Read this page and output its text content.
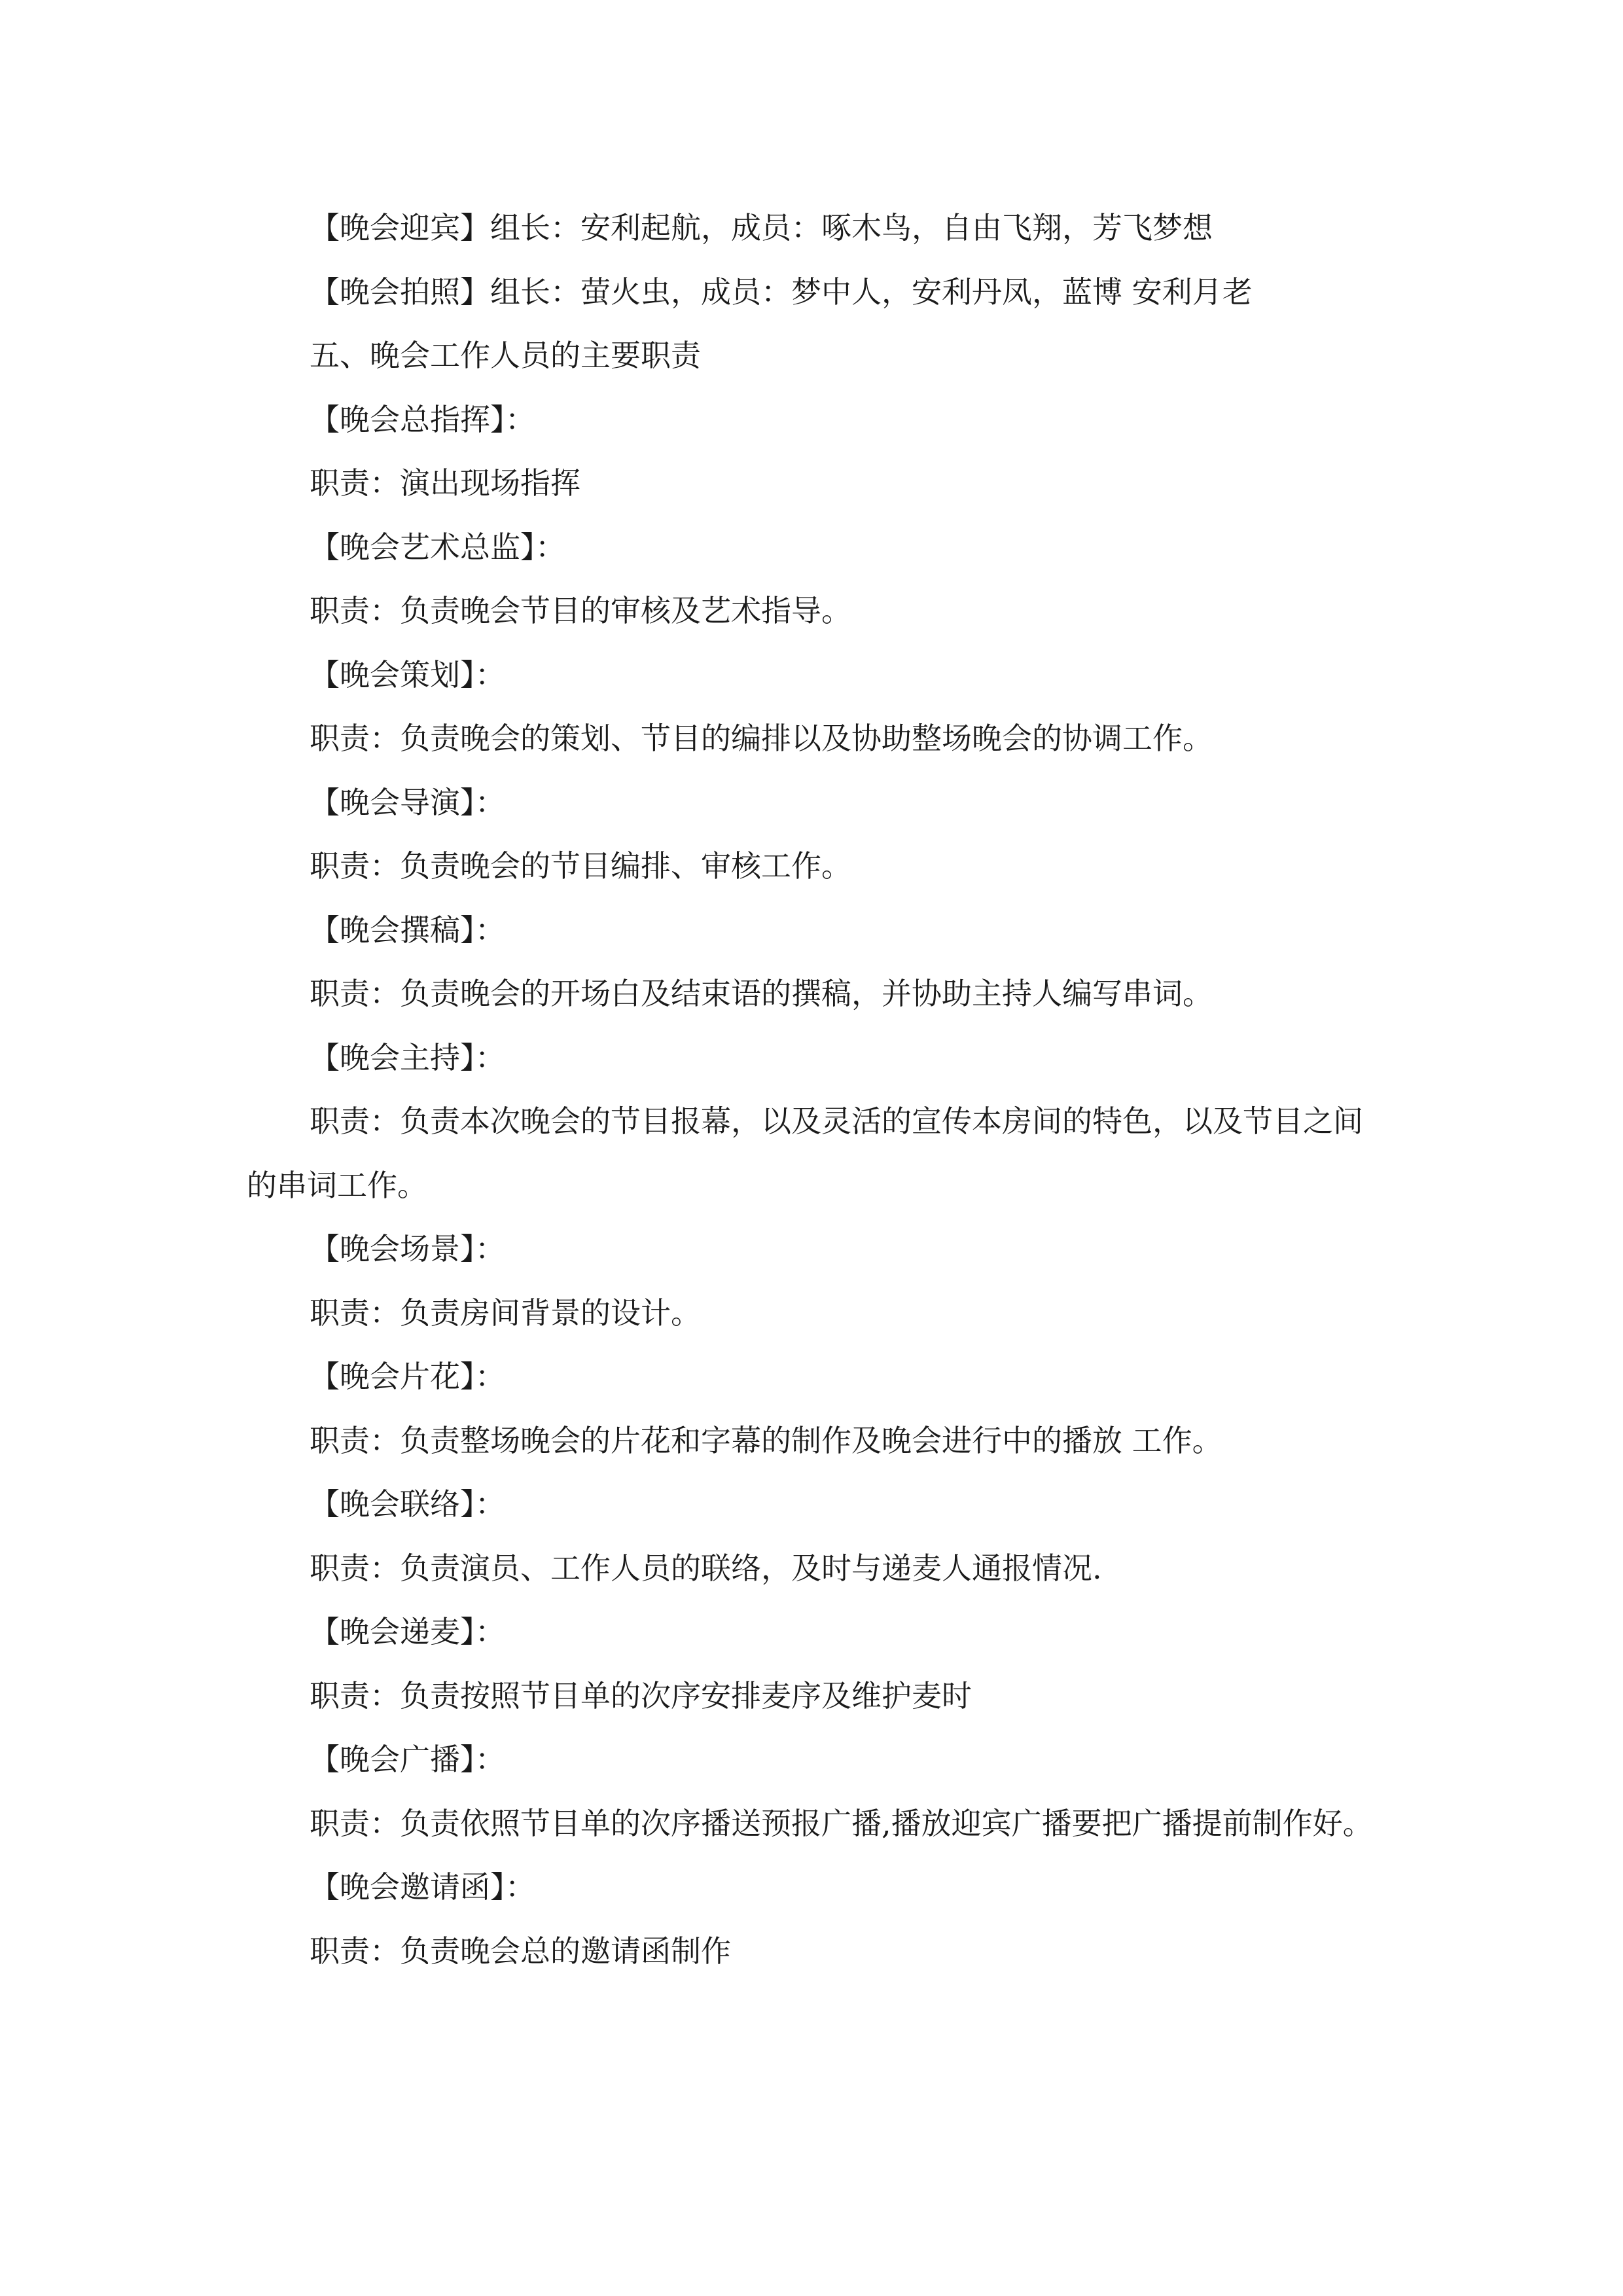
【晚会迎宾】组长：安利起航，成员：啄木鸟，自由飞翔，芳飞梦想

【晚会拍照】组长：萤火虫，成员：梦中人，安利丹凤，蓝博 安利月老

五、晚会工作人员的主要职责

【晚会总指挥】：

职责：演出现场指挥

【晚会艺术总监】：

职责：负责晚会节目的审核及艺术指导。

【晚会策划】：

职责：负责晚会的策划、节目的编排以及协助整场晚会的协调工作。

【晚会导演】：

职责：负责晚会的节目编排、审核工作。

【晚会撰稿】：

职责：负责晚会的开场白及结束语的撰稿，并协助主持人编写串词。

【晚会主持】：

职责：负责本次晚会的节目报幕，以及灵活的宣传本房间的特色，以及节目之间的串词工作。

【晚会场景】：

职责：负责房间背景的设计。

【晚会片花】：

职责：负责整场晚会的片花和字幕的制作及晚会进行中的播放 工作。

【晚会联络】：

职责：负责演员、工作人员的联络，及时与递麦人通报情况.

【晚会递麦】：

职责：负责按照节目单的次序安排麦序及维护麦时

【晚会广播】：

职责：负责依照节目单的次序播送预报广播,播放迎宾广播要把广播提前制作好。

【晚会邀请函】：

职责：负责晚会总的邀请函制作
